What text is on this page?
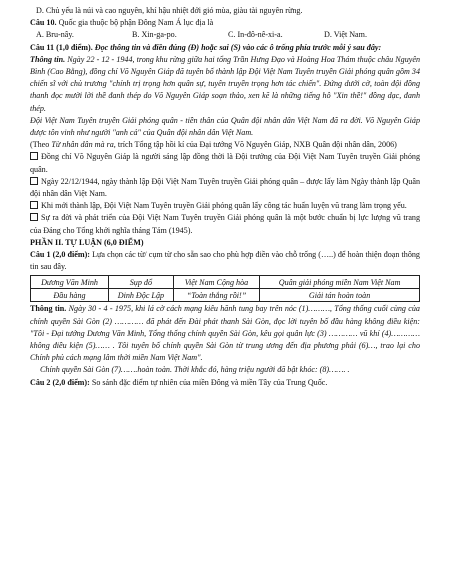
D. Chủ yếu là núi và cao nguyên, khí hậu nhiệt đới gió mùa, giàu tài nguyên rừng.

Câu 10. Quốc gia thuộc bộ phận Đông Nam Á lục địa là

A. Bru-nây.	B. Xin-ga-po.	C. In-đô-nê-xi-a.	D. Việt Nam.

Câu 11 (1,0 điểm). Đọc thông tin và điền đúng (Đ) hoặc sai (S) vào các ô trống phía trước mỗi ý sau đây:

Thông tin. Ngày 22 - 12 - 1944, trong khu rừng giữa hai tổng Trần Hưng Đạo và Hoàng Hoa Thám thuộc châu Nguyên Bình (Cao Bằng), đồng chí Võ Nguyên Giáp đã tuyên bố thành lập Đội Việt Nam Tuyên truyền Giải phóng quân gồm 34 chiến sĩ với chủ trương "chính trị trọng hơn quân sự, tuyên truyền trọng hơn tác chiến". Đứng dưới cờ, toàn đội đồng thanh đọc mười lời thề đanh thép do Võ Nguyên Giáp soạn thảo, xen kẽ là những tiếng hô "Xin thề!" đồng dạc, đanh thép.

Đội Việt Nam Tuyên truyền Giải phóng quân - tiền thân của Quân đội nhân dân Việt Nam đã ra đời. Võ Nguyên Giáp được tôn vinh như người "anh cả" của Quân đội nhân dân Việt Nam.

(Theo Từ nhân dân mà ra, trích Tổng tập hồi kí của Đại tướng Võ Nguyên Giáp, NXB Quân đội nhân dân, 2006)

Đồng chí Võ Nguyên Giáp là người sáng lập đồng thời là Đội trưởng của Đội Việt Nam Tuyên truyền Giải phóng quân.

Ngày 22/12/1944, ngày thành lập Đội Việt Nam Tuyên truyền Giải phóng quân – được lấy làm Ngày thành lập Quân đội nhân dân Việt Nam.

Khi mới thành lập, Đội Việt Nam Tuyên truyền Giải phóng quân lấy công tác huấn luyện vũ trang làm trọng yếu.

Sự ra đời và phát triển của Đội Việt Nam Tuyên truyền Giải phóng quân là một bước chuẩn bị lực lượng vũ trang của Đảng cho Tổng khởi nghĩa tháng Tám (1945).

PHẦN II. TỰ LUẬN (6,0 ĐIỂM)

Câu 1 (2,0 điểm): Lựa chọn các từ/ cụm từ cho sẵn sao cho phù hợp điền vào chỗ trống (…..) để hoàn thiện đoạn thông tin sau đây.

Dương Văn Minh	Sụp đổ	Việt Nam Cộng hòa	Quân giải phóng miền Nam Việt Nam
Đầu hàng	Dinh Độc Lập	“Toàn thắng rồi!”	Giải tán hoàn toàn

Thông tin. Ngày 30 - 4 - 1975, khi lá cờ cách mạng kiêu hãnh tung bay trên nóc (1)………, Tổng thống cuối cùng của chính quyền Sài Gòn (2) ………… đã phát đến Đài phát thanh Sài Gòn, đọc lời tuyên bố đầu hàng không điều kiện: "Tôi - Đại tướng Dương Văn Minh, Tổng thống chính quyền Sài Gòn, kêu gọi quân lực (3) ………… vũ khí (4)………… không điều kiện (5)…… . Tôi tuyên bố chính quyền Sài Gòn từ trung ương đến địa phương phải (6)…, trao lại cho Chính phủ cách mạng lâm thời miền Nam Việt Nam".

Chính quyền Sài Gòn (7)…….hoàn toàn. Thời khắc đó, hàng triệu người đã bật khóc: (8)……. .

Câu 2 (2,0 điểm): So sánh đặc điểm tự nhiên của miền Đông và miền Tây của Trung Quốc.
